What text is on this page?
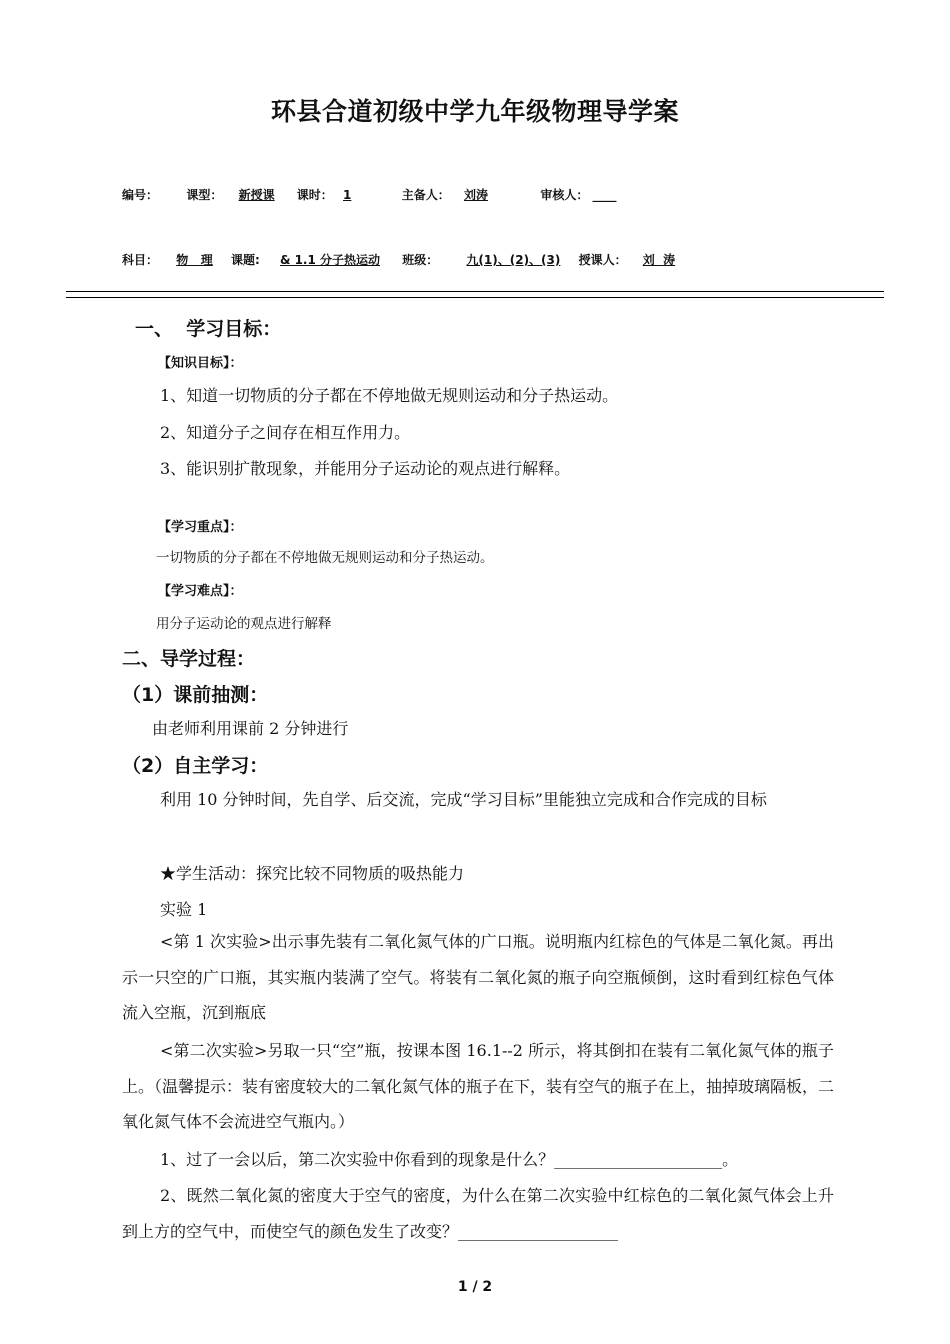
环县合道初级中学九年级物理导学案
编号： 课型： 新授课 课时： 1	主备人： 刘涛	审核人： ____
科目： 物   理 课题: & 1.1 分子热运动 班级： 九(1)、(2)、(3) 授课人： 刘  涛
一、  学习目标：
【知识目标】：
1、知道一切物质的分子都在不停地做无规则运动和分子热运动。
2、知道分子之间存在相互作用力。
3、能识别扩散现象，并能用分子运动论的观点进行解释。
【学习重点】：
一切物质的分子都在不停地做无规则运动和分子热运动。
【学习难点】：
用分子运动论的观点进行解释
二、导学过程：
（1）课前抽测：
由老师利用课前 2 分钟进行
（2）自主学习：
利用 10 分钟时间，先自学、后交流，完成“学习目标”里能独立完成和合作完成的目标
★学生活动：探究比较不同物质的吸热能力
实验 1
<第 1 次实验>出示事先装有二氧化氮气体的广口瓶。说明瓶内红棕色的气体是二氧化氮。再出示一只空的广口瓶，其实瓶内装满了空气。将装有二氧化氮的瓶子向空瓶倾倒，这时看到红棕色气体流入空瓶，沉到瓶底
<第二次实验>另取一只“空”瓶，按课本图 16.1--2 所示，将其倒扣在装有二氧化氮气体的瓶子上。（温馨提示：装有密度较大的二氧化氮气体的瓶子在下，装有空气的瓶子在上，抽掉玻璃隔板，二氧化氮气体不会流进空气瓶内。）
1、过了一会以后，第二次实验中你看到的现象是什么？_____________________。
2、既然二氧化氮的密度大于空气的密度，为什么在第二次实验中红棕色的二氧化氮气体会上升到上方的空气中，而使空气的颜色发生了改变？____________________
1 / 2
